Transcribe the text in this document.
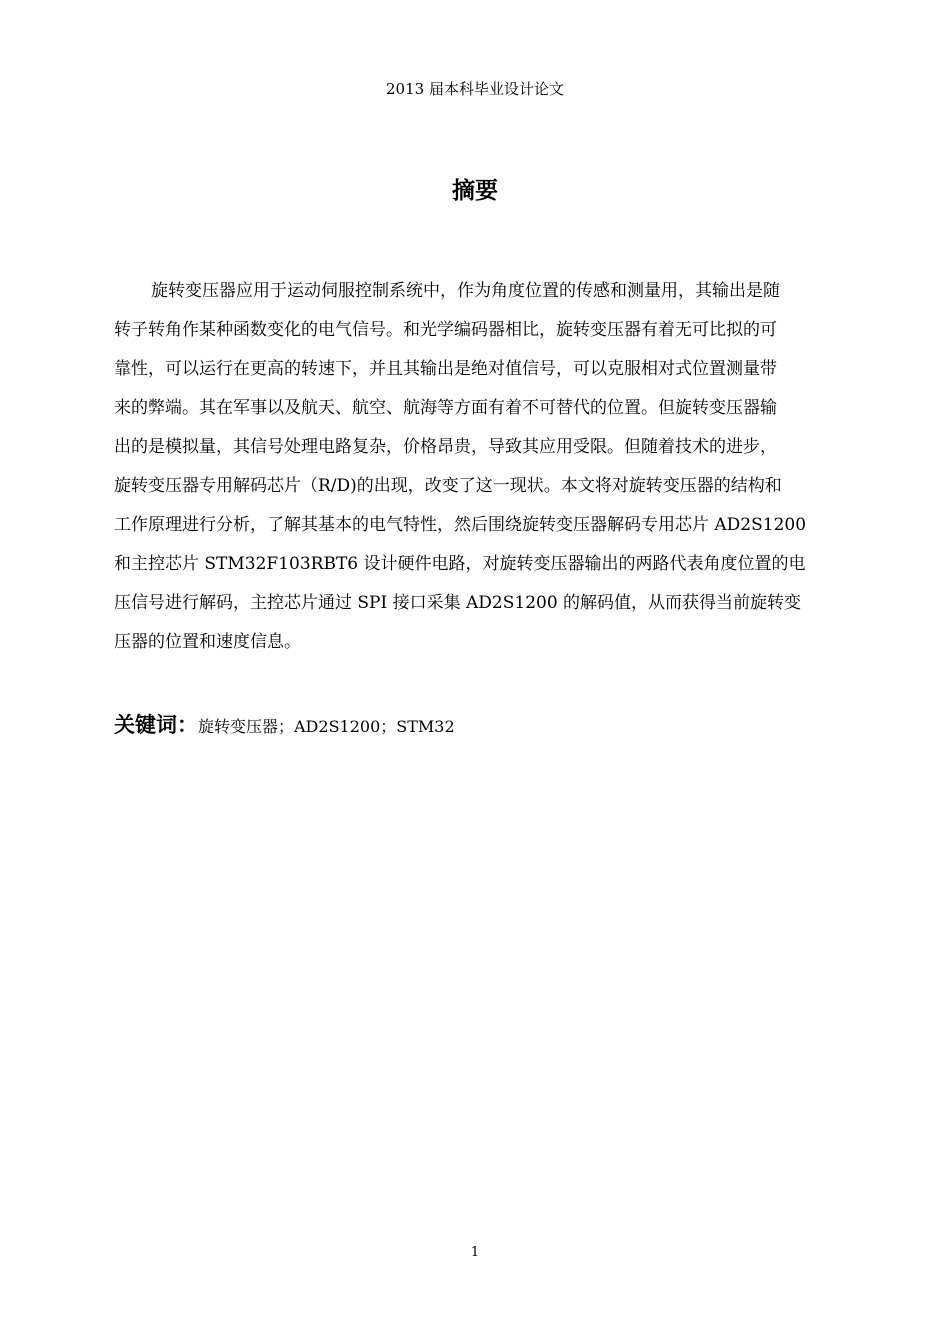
2013 届本科毕业设计论文
摘要
旋转变压器应用于运动伺服控制系统中，作为角度位置的传感和测量用，其输出是随
转子转角作某种函数变化的电气信号。和光学编码器相比，旋转变压器有着无可比拟的可
靠性，可以运行在更高的转速下，并且其输出是绝对值信号，可以克服相对式位置测量带
来的弊端。其在军事以及航天、航空、航海等方面有着不可替代的位置。但旋转变压器输
出的是模拟量，其信号处理电路复杂，价格昂贵，导致其应用受限。但随着技术的进步，
旋转变压器专用解码芯片（R/D)的出现，改变了这一现状。本文将对旋转变压器的结构和
工作原理进行分析，了解其基本的电气特性，然后围绕旋转变压器解码专用芯片 AD2S1200
和主控芯片 STM32F103RBT6 设计硬件电路，对旋转变压器输出的两路代表角度位置的电
压信号进行解码，主控芯片通过 SPI 接口采集 AD2S1200 的解码值，从而获得当前旋转变
压器的位置和速度信息。
关键词：旋转变压器；AD2S1200；STM32
1
